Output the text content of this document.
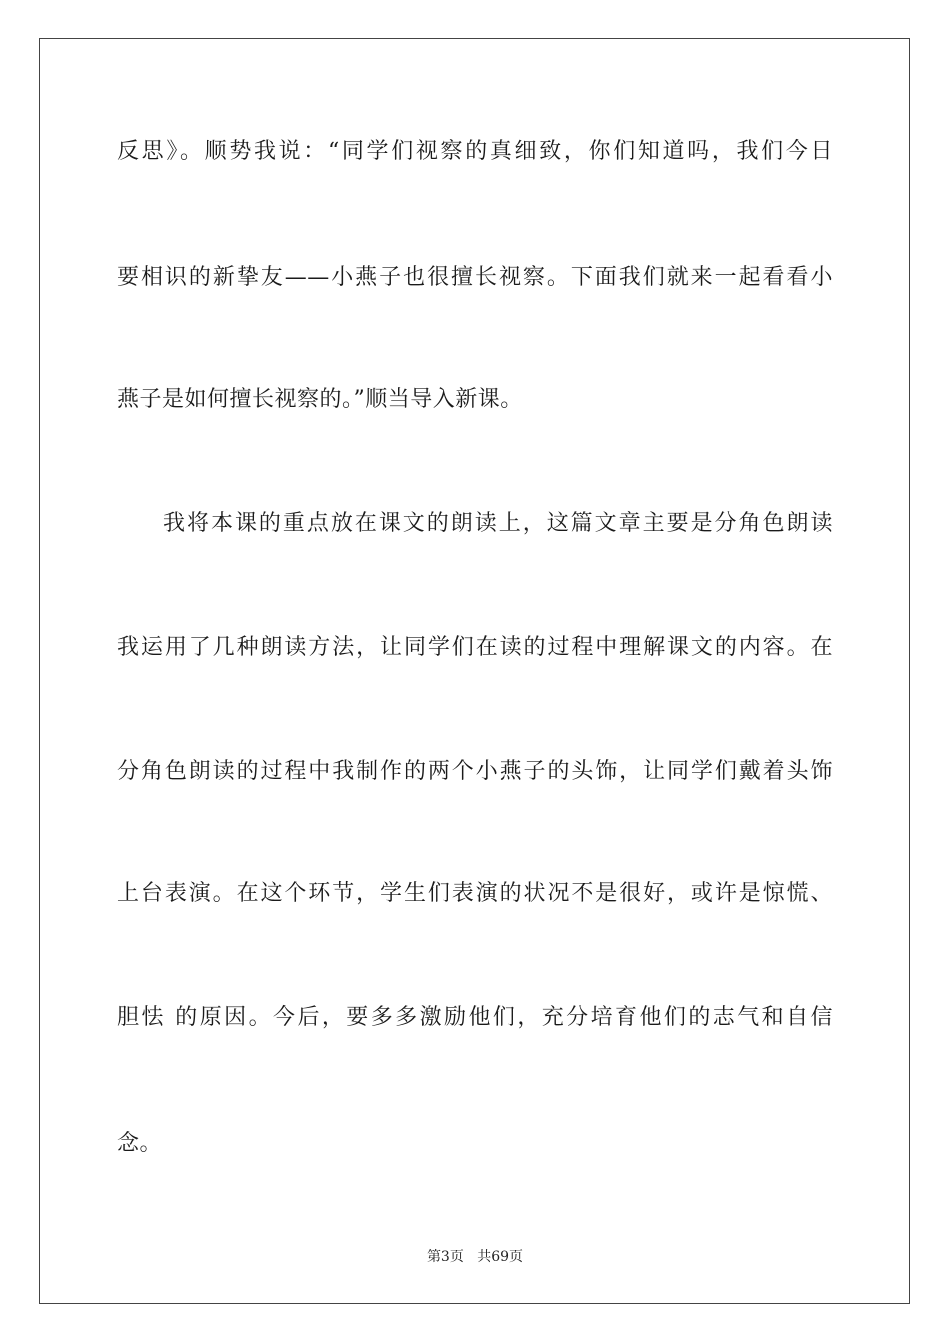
反思》。顺势我说：“同学们视察的真细致，你们知道吗，我们今日
要相识的新挚友——小燕子也很擅长视察。下面我们就来一起看看小
燕子是如何擅长视察的。”顺当导入新课。
我将本课的重点放在课文的朗读上，这篇文章主要是分角色朗读
我运用了几种朗读方法，让同学们在读的过程中理解课文的内容。在
分角色朗读的过程中我制作的两个小燕子的头饰，让同学们戴着头饰
上台表演。在这个环节，学生们表演的状况不是很好，或许是惊慌、
胆怯 的原因。今后，要多多激励他们，充分培育他们的志气和自信
念。
第3页 共69页
